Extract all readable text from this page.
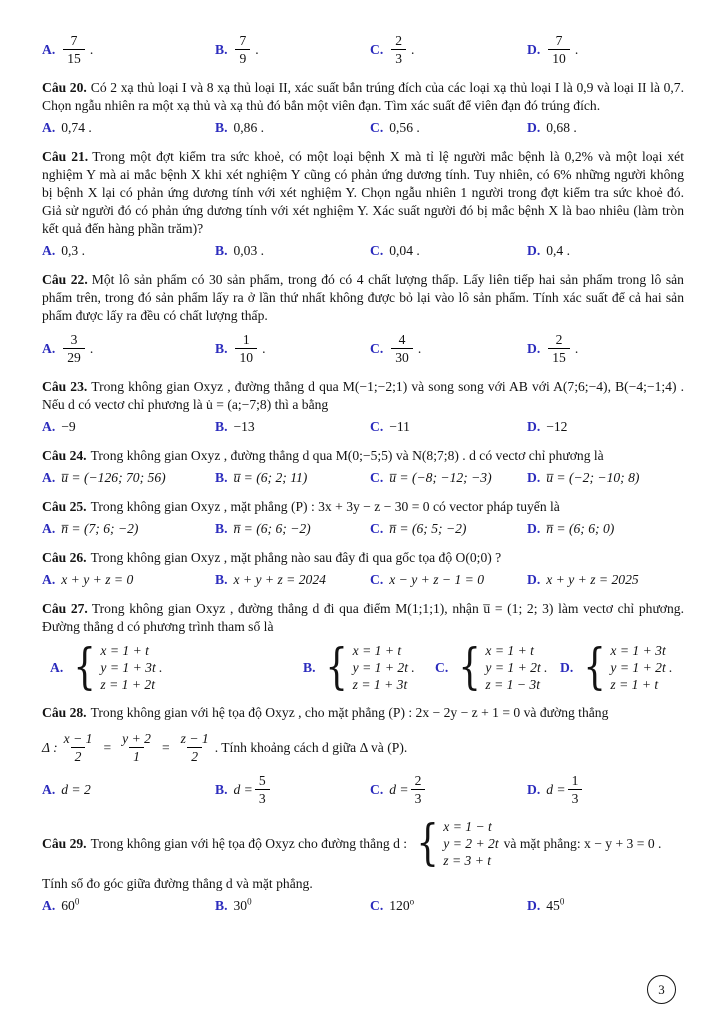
A. $\frac{7}{15}$ .	B. $\frac{7}{9}$ .	C. $\frac{2}{3}$ .	D. $\frac{7}{10}$ .

Câu 20. Có 2 xạ thủ loại I và 8 xạ thủ loại II, xác suất bắn trúng đích của các loại xạ thủ loại I là 0,9 và loại II là 0,7. Chọn ngẫu nhiên ra một xạ thủ và xạ thủ đó bắn một viên đạn. Tìm xác suất để viên đạn đó trúng đích.

A. 0,74 .	B. 0,86 .	C. 0,56 .	D. 0,68 .

Câu 21. Trong một đợt kiểm tra sức khoẻ, có một loại bệnh X mà tỉ lệ người mắc bệnh là 0,2% và một loại xét nghiệm Y mà ai mắc bệnh X khi xét nghiệm Y cũng có phản ứng dương tính. Tuy nhiên, có 6% những người không bị bệnh X lại có phản ứng dương tính với xét nghiệm Y. Chọn ngẫu nhiên 1 người trong đợt kiểm tra sức khoẻ đó. Giả sử người đó có phản ứng dương tính với xét nghiệm Y. Xác suất người đó bị mắc bệnh X là bao nhiêu (làm tròn kết quả đến hàng phần trăm)?

A. 0,3 .	B. 0,03 .	C. 0,04 .	D. 0,4 .

Câu 22. Một lô sản phẩm có 30 sản phẩm, trong đó có 4 chất lượng thấp. Lấy liên tiếp hai sản phẩm trong lô sản phẩm trên, trong đó sản phẩm lấy ra ở lần thứ nhất không được bỏ lại vào lô sản phẩm. Tính xác suất để cả hai sản phẩm được lấy ra đều có chất lượng thấp.

A. $\frac{3}{29}$ .	B. $\frac{1}{10}$ .	C. $\frac{4}{30}$ .	D. $\frac{2}{15}$ .

Câu 23. Trong không gian Oxyz , đường thẳng d qua M(−1;−2;1) và song song với AB với A(7;6;−4), B(−4;−1;4) . Nếu d có vectơ chỉ phương là u̇ = (a;−7;8) thì a bằng

A. −9	B. −13	C. −11	D. −12

Câu 24. Trong không gian Oxyz , đường thẳng d qua M(0;−5;5) và N(8;7;8) . d có vectơ chỉ phương là

A. u̅ = (−126; 70; 56)	B. u̅ = (6; 2; 11)	C. u̅ = (−8; −12; −3)	D. u̅ = (−2; −10; 8)

Câu 25. Trong không gian Oxyz , mặt phẳng (P) : 3x + 3y − z − 30 = 0 có vector pháp tuyến là

A. n̅ = (7; 6; −2)	B. n̅ = (6; 6; −2)	C. n̅ = (6; 5; −2)	D. n̅ = (6; 6; 0)

Câu 26. Trong không gian Oxyz , mặt phẳng nào sau đây đi qua gốc tọa độ O(0;0) ?

A. x + y + z = 0	B. x + y + z = 2024	C. x − y + z − 1 = 0	D. x + y + z = 2025

Câu 27. Trong không gian Oxyz , đường thẳng d đi qua điểm M(1;1;1), nhận u̅ = (1; 2; 3) làm vectơ chỉ phương. Đường thẳng d có phương trình tham số là

A. { x = 1 + t
y = 1 + 3t
z = 1 + 2t
.	B. { x = 1 + t
y = 1 + 2t
z = 1 + 3t
. C. { x = 1 + t
y = 1 + 2t
z = 1 − 3t
. D. { x = 1 + 3t
y = 1 + 2t
z = 1 + t
.

Câu 28. Trong không gian với hệ tọa độ Oxyz , cho mặt phẳng (P) : 2x − 2y − z + 1 = 0 và đường thẳng

Δ : $\frac{x - 1}{2} = \frac{y + 2}{1} = \frac{z - 1}{2}$ . Tính khoảng cách d giữa Δ và (P).
A. d = 2	B. $d = \frac{5}{3}$	C. $d = \frac{2}{3}$	D. $d = \frac{1}{3}$
Câu 29. Trong không gian với hệ tọa độ Oxyz cho đường thẳng d : { x = 1 − t
y = 2 + 2t
z = 3 + t
và mặt phẳng: x − y + 3 = 0 .

Tính số đo góc giữa đường thẳng d và mặt phẳng.

A. $60^0$	B. $30^0$	C. 120$^o$	D. $45^0$
3
